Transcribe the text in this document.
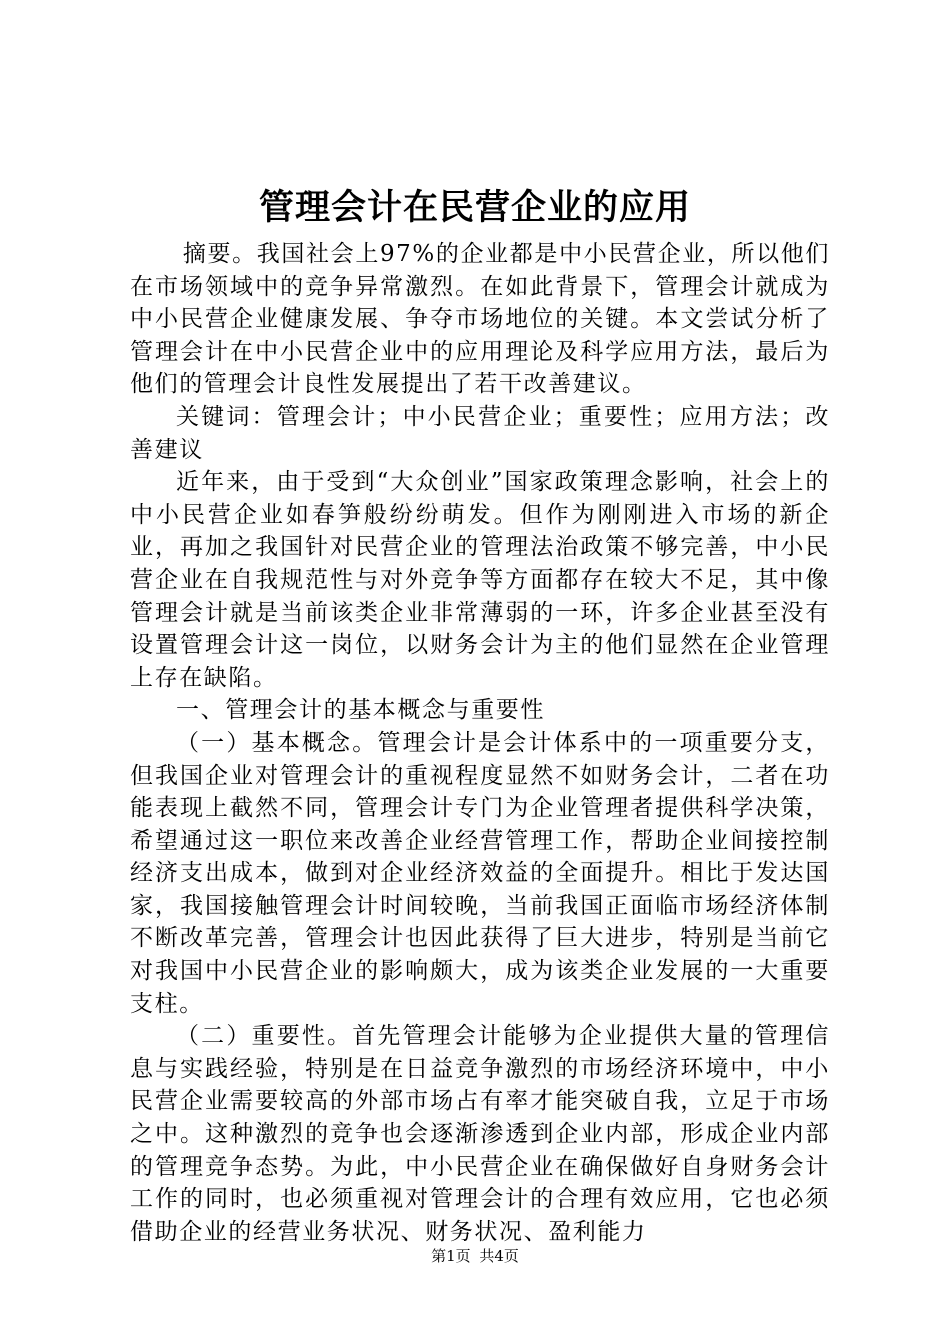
管理会计在民营企业的应用

摘要。我国社会上97%的企业都是中小民营企业，所以他们在市场领域中的竞争异常激烈。在如此背景下，管理会计就成为中小民营企业健康发展、争夺市场地位的关键。本文尝试分析了管理会计在中小民营企业中的应用理论及科学应用方法，最后为他们的管理会计良性发展提出了若干改善建议。

关键词：管理会计；中小民营企业；重要性；应用方法；改善建议

近年来，由于受到“大众创业”国家政策理念影响，社会上的中小民营企业如春笋般纷纷萌发。但作为刚刚进入市场的新企业，再加之我国针对民营企业的管理法治政策不够完善，中小民营企业在自我规范性与对外竞争等方面都存在较大不足，其中像管理会计就是当前该类企业非常薄弱的一环，许多企业甚至没有设置管理会计这一岗位，以财务会计为主的他们显然在企业管理上存在缺陷。

一、管理会计的基本概念与重要性

（一）基本概念。管理会计是会计体系中的一项重要分支，但我国企业对管理会计的重视程度显然不如财务会计，二者在功能表现上截然不同，管理会计专门为企业管理者提供科学决策，希望通过这一职位来改善企业经营管理工作，帮助企业间接控制经济支出成本，做到对企业经济效益的全面提升。相比于发达国家，我国接触管理会计时间较晚，当前我国正面临市场经济体制不断改革完善，管理会计也因此获得了巨大进步，特别是当前它对我国中小民营企业的影响颇大，成为该类企业发展的一大重要支柱。

（二）重要性。首先管理会计能够为企业提供大量的管理信息与实践经验，特别是在日益竞争激烈的市场经济环境中，中小民营企业需要较高的外部市场占有率才能突破自我，立足于市场之中。这种激烈的竞争也会逐渐渗透到企业内部，形成企业内部的管理竞争态势。为此，中小民营企业在确保做好自身财务会计工作的同时，也必须重视对管理会计的合理有效应用，它也必须借助企业的经营业务状况、财务状况、盈利能力

第1页 共4页
